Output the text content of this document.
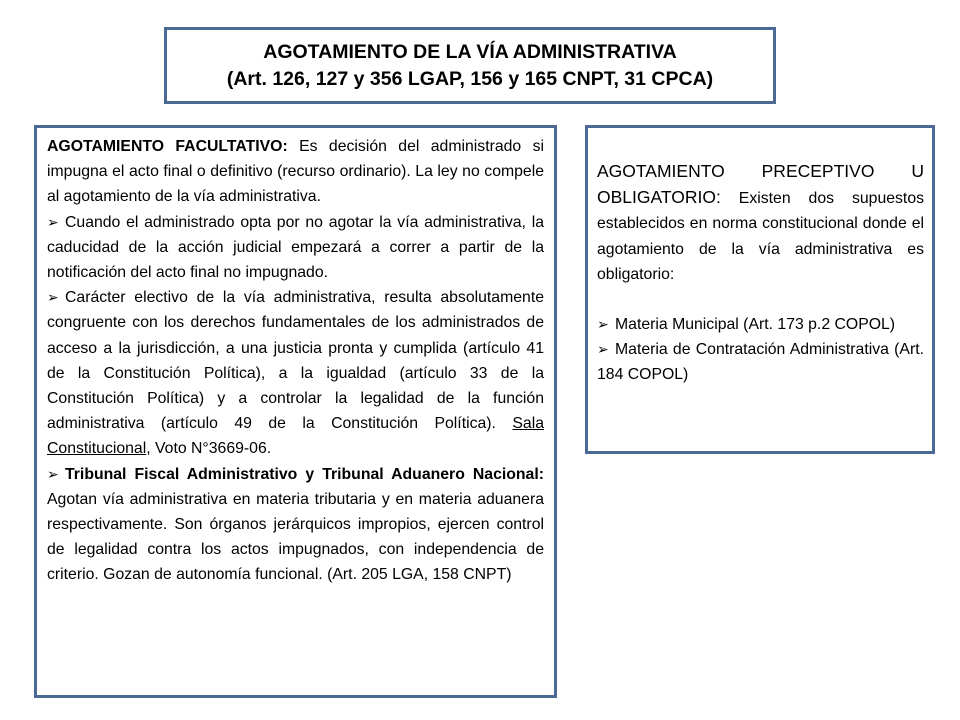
AGOTAMIENTO DE LA VÍA ADMINISTRATIVA
(Art. 126, 127 y 356 LGAP, 156 y 165 CNPT, 31 CPCA)

AGOTAMIENTO FACULTATIVO: Es decisión del administrado si impugna el acto final o definitivo (recurso ordinario). La ley no compele al agotamiento de la vía administrativa.

➢ Cuando el administrado opta por no agotar la vía administrativa, la caducidad de la acción judicial empezará a correr a partir de la notificación del acto final no impugnado.

➢ Carácter electivo de la vía administrativa, resulta absolutamente congruente con los derechos fundamentales de los administrados de acceso a la jurisdicción, a una justicia pronta y cumplida (artículo 41 de la Constitución Política), a la igualdad (artículo 33 de la Constitución Política) y a controlar la legalidad de la función administrativa (artículo 49 de la Constitución Política). Sala Constitucional, Voto N°3669-06.

➢ Tribunal Fiscal Administrativo y Tribunal Aduanero Nacional: Agotan vía administrativa en materia tributaria y en materia aduanera respectivamente. Son órganos jerárquicos impropios, ejercen control de legalidad contra los actos impugnados, con independencia de criterio. Gozan de autonomía funcional. (Art. 205 LGA, 158 CNPT)

AGOTAMIENTO PRECEPTIVO U OBLIGATORIO: Existen dos supuestos establecidos en norma constitucional donde el agotamiento de la vía administrativa es obligatorio:

➢ Materia Municipal (Art. 173 p.2 COPOL)

➢ Materia de Contratación Administrativa (Art. 184 COPOL)
